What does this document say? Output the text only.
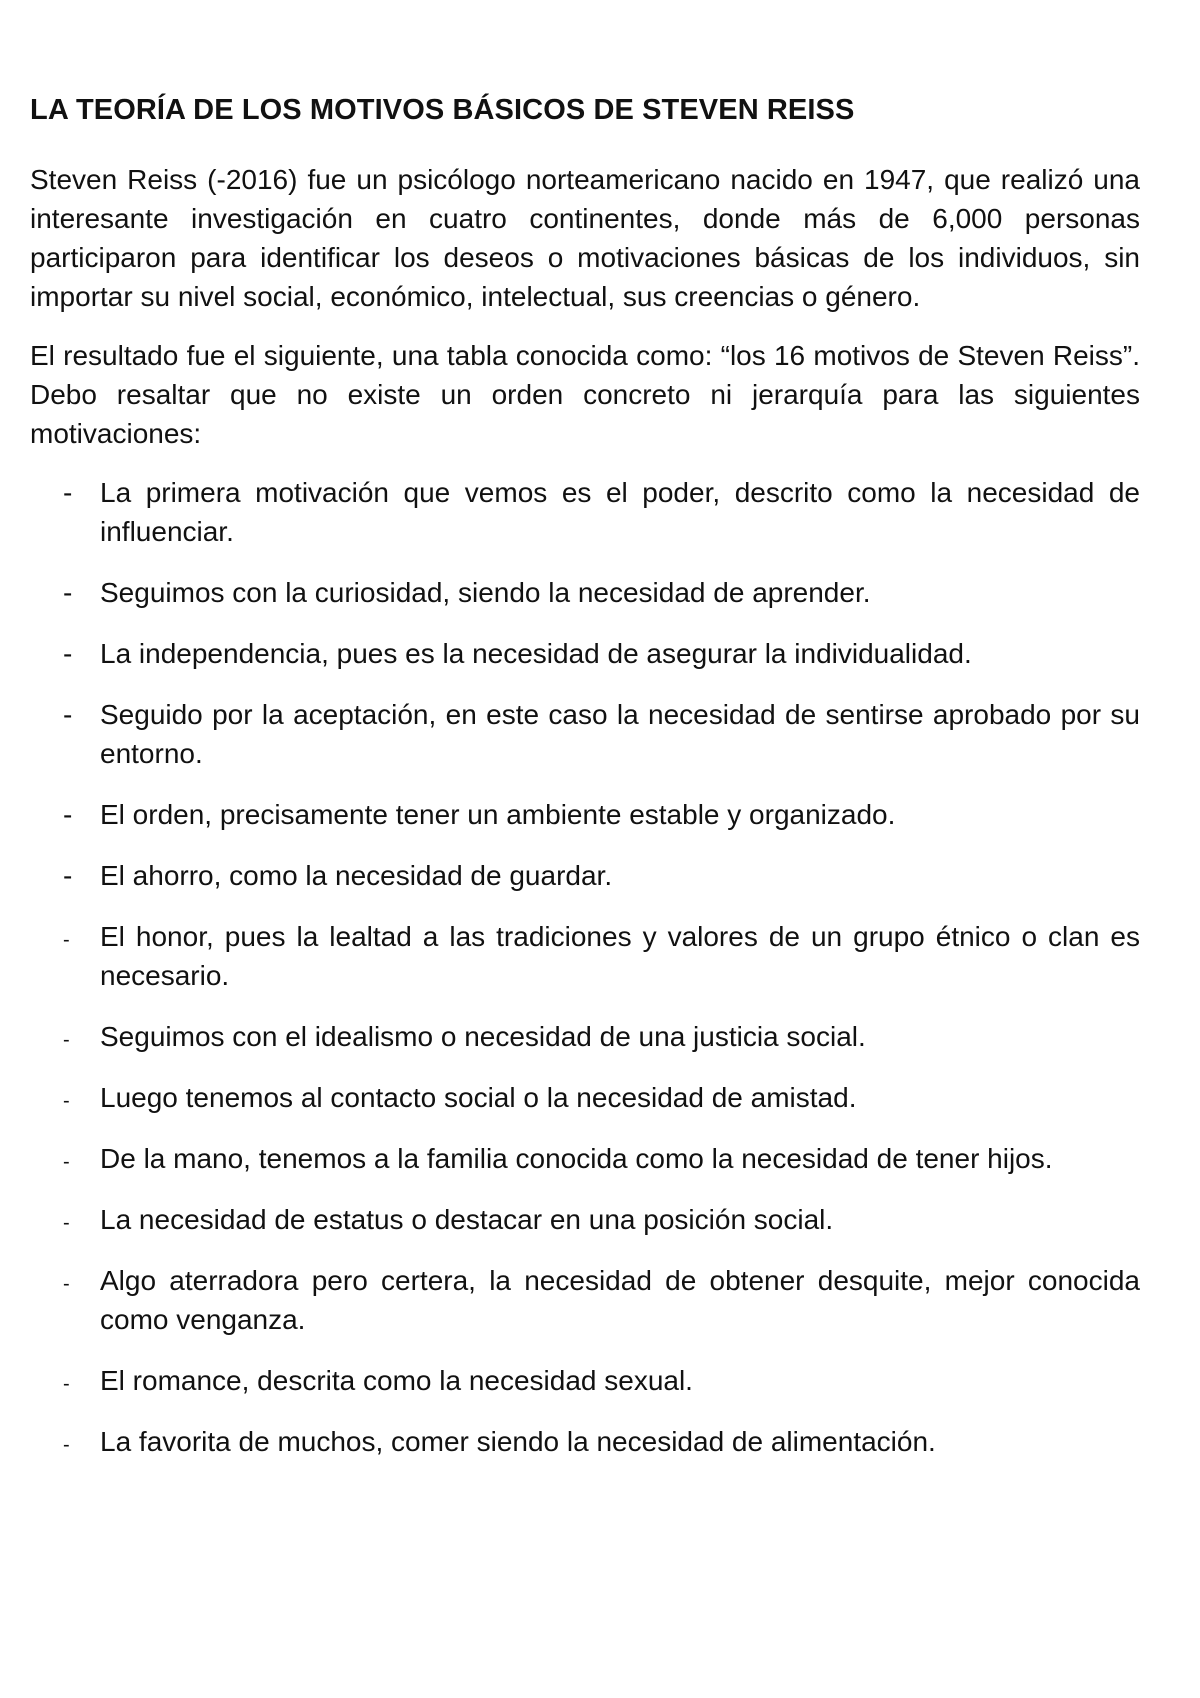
LA TEORÍA DE LOS MOTIVOS BÁSICOS DE STEVEN REISS

Steven Reiss (-2016) fue un psicólogo norteamericano nacido en 1947, que realizó una interesante investigación en cuatro continentes, donde más de 6,000 personas participaron para identificar los deseos o motivaciones básicas de los individuos, sin importar su nivel social, económico, intelectual, sus creencias o género.

El resultado fue el siguiente, una tabla conocida como: “los 16 motivos de Steven Reiss”. Debo resaltar que no existe un orden concreto ni jerarquía para las siguientes motivaciones:

- La primera motivación que vemos es el poder, descrito como la necesidad de influenciar.
- Seguimos con la curiosidad, siendo la necesidad de aprender.
- La independencia, pues es la necesidad de asegurar la individualidad.
- Seguido por la aceptación, en este caso la necesidad de sentirse aprobado por su entorno.
- El orden, precisamente tener un ambiente estable y organizado.
- El ahorro, como la necesidad de guardar.
- El honor, pues la lealtad a las tradiciones y valores de un grupo étnico o clan es necesario.
- Seguimos con el idealismo o necesidad de una justicia social.
- Luego tenemos al contacto social o la necesidad de amistad.
- De la mano, tenemos a la familia conocida como la necesidad de tener hijos.
- La necesidad de estatus o destacar en una posición social.
- Algo aterradora pero certera, la necesidad de obtener desquite, mejor conocida como venganza.
- El romance, descrita como la necesidad sexual.
- La favorita de muchos, comer siendo la necesidad de alimentación.
